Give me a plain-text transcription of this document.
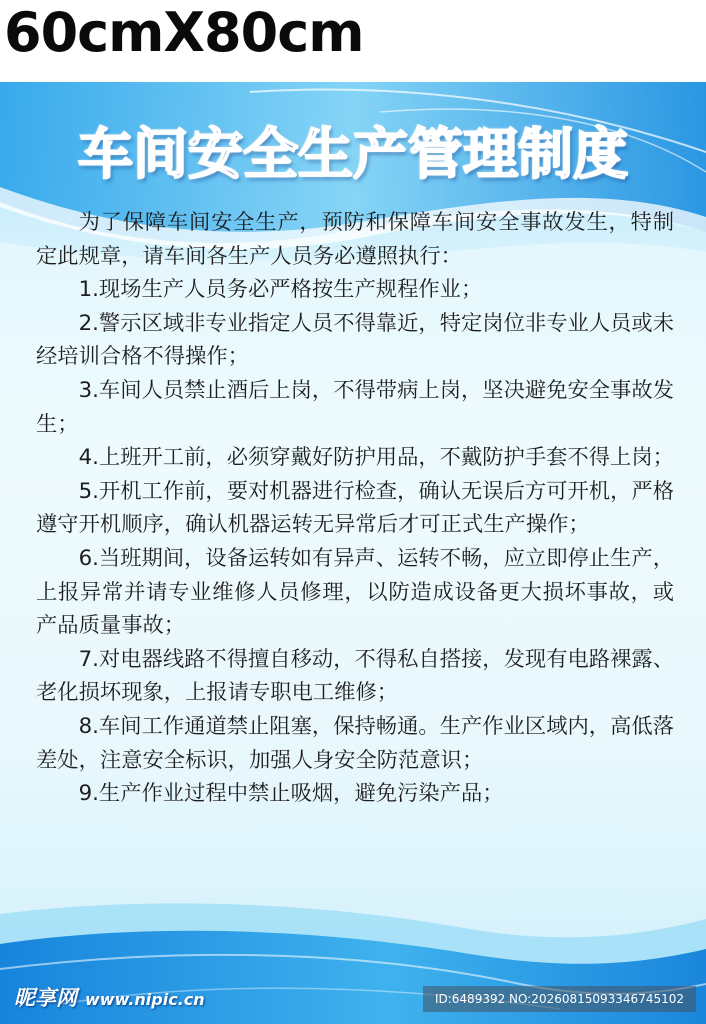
60cmX80cm
车间安全生产管理制度

为了保障车间安全生产，预防和保障车间安全事故发生，特制定此规章，请车间各生产人员务必遵照执行：

1.现场生产人员务必严格按生产规程作业；

2.警示区域非专业指定人员不得靠近，特定岗位非专业人员或未经培训合格不得操作；

3.车间人员禁止酒后上岗，不得带病上岗，坚决避免安全事故发生；

4.上班开工前，必须穿戴好防护用品，不戴防护手套不得上岗；

5.开机工作前，要对机器进行检查，确认无误后方可开机，严格遵守开机顺序，确认机器运转无异常后才可正式生产操作；

6.当班期间，设备运转如有异声、运转不畅，应立即停止生产，上报异常并请专业维修人员修理，以防造成设备更大损坏事故，或产品质量事故；

7.对电器线路不得擅自移动，不得私自搭接，发现有电路裸露、老化损坏现象，上报请专职电工维修；

8.车间工作通道禁止阻塞，保持畅通。生产作业区域内，高低落差处，注意安全标识，加强人身安全防范意识；

9.生产作业过程中禁止吸烟，避免污染产品；

昵享网 www.nipic.cn	ID:6489392 NO:20260815093346745102
